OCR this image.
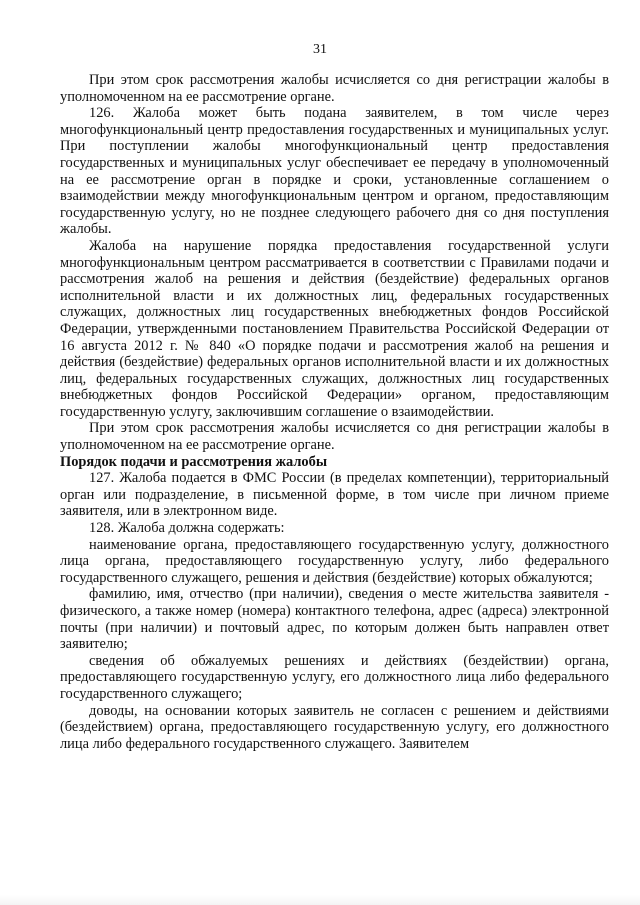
31

При этом срок рассмотрения жалобы исчисляется со дня регистрации жалобы в уполномоченном на ее рассмотрение органе.

126. Жалоба может быть подана заявителем, в том числе через многофункциональный центр предоставления государственных и муниципальных услуг. При поступлении жалобы многофункциональный центр предоставления государственных и муниципальных услуг обеспечивает ее передачу в уполномоченный на ее рассмотрение орган в порядке и сроки, установленные соглашением о взаимодействии между многофункциональным центром и органом, предоставляющим государственную услугу, но не позднее следующего рабочего дня со дня поступления жалобы.

Жалоба на нарушение порядка предоставления государственной услуги многофункциональным центром рассматривается в соответствии с Правилами подачи и рассмотрения жалоб на решения и действия (бездействие) федеральных органов исполнительной власти и их должностных лиц, федеральных государственных служащих, должностных лиц государственных внебюджетных фондов Российской Федерации, утвержденными постановлением Правительства Российской Федерации от 16 августа 2012 г. № 840 «О порядке подачи и рассмотрения жалоб на решения и действия (бездействие) федеральных органов исполнительной власти и их должностных лиц, федеральных государственных служащих, должностных лиц государственных внебюджетных фондов Российской Федерации» органом, предоставляющим государственную услугу, заключившим соглашение о взаимодействии.

При этом срок рассмотрения жалобы исчисляется со дня регистрации жалобы в уполномоченном на ее рассмотрение органе.

Порядок подачи и рассмотрения жалобы

127. Жалоба подается в ФМС России (в пределах компетенции), территориальный орган или подразделение, в письменной форме, в том числе при личном приеме заявителя, или в электронном виде.

128. Жалоба должна содержать:

наименование органа, предоставляющего государственную услугу, должностного лица органа, предоставляющего государственную услугу, либо федерального государственного служащего, решения и действия (бездействие) которых обжалуются;

фамилию, имя, отчество (при наличии), сведения о месте жительства заявителя - физического, а также номер (номера) контактного телефона, адрес (адреса) электронной почты (при наличии) и почтовый адрес, по которым должен быть направлен ответ заявителю;

сведения об обжалуемых решениях и действиях (бездействии) органа, предоставляющего государственную услугу, его должностного лица либо федерального государственного служащего;

доводы, на основании которых заявитель не согласен с решением и действиями (бездействием) органа, предоставляющего государственную услугу, его должностного лица либо федерального государственного служащего. Заявителем
